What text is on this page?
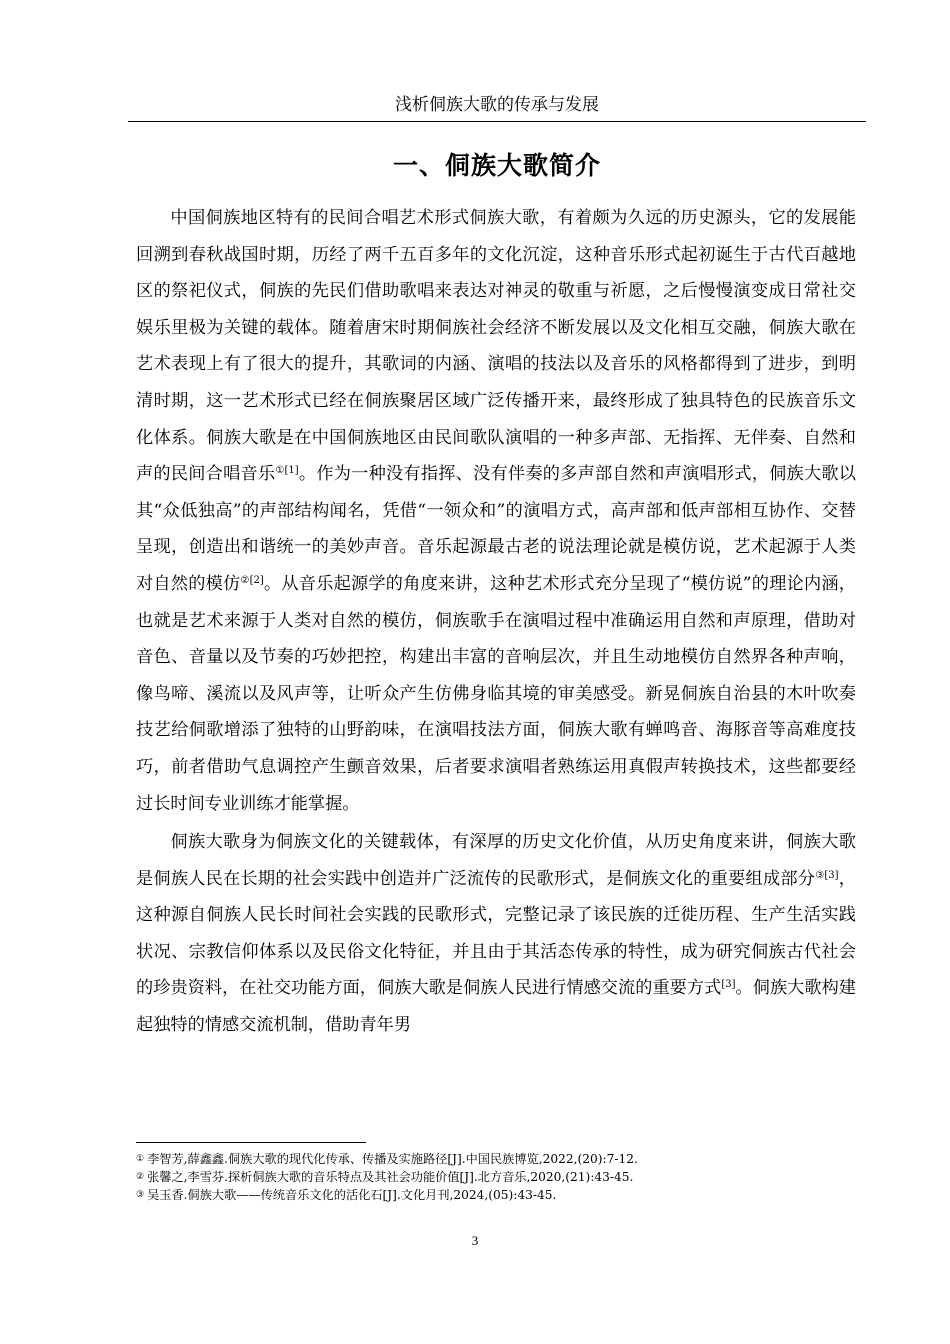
浅析侗族大歌的传承与发展
一、侗族大歌简介

中国侗族地区特有的民间合唱艺术形式侗族大歌，有着颇为久远的历史源头，它的发展能回溯到春秋战国时期，历经了两千五百多年的文化沉淀，这种音乐形式起初诞生于古代百越地区的祭祀仪式，侗族的先民们借助歌唱来表达对神灵的敬重与祈愿，之后慢慢演变成日常社交娱乐里极为关键的载体。随着唐宋时期侗族社会经济不断发展以及文化相互交融，侗族大歌在艺术表现上有了很大的提升，其歌词的内涵、演唱的技法以及音乐的风格都得到了进步，到明清时期，这一艺术形式已经在侗族聚居区域广泛传播开来，最终形成了独具特色的民族音乐文化体系。侗族大歌是在中国侗族地区由民间歌队演唱的一种多声部、无指挥、无伴奏、自然和声的民间合唱音乐$^{①[1]}$。作为一种没有指挥、没有伴奏的多声部自然和声演唱形式，侗族大歌以其“众低独高”的声部结构闻名，凭借“一领众和”的演唱方式，高声部和低声部相互协作、交替呈现，创造出和谐统一的美妙声音。音乐起源最古老的说法理论就是模仿说，艺术起源于人类对自然的模仿$^{②[2]}$。从音乐起源学的角度来讲，这种艺术形式充分呈现了“模仿说”的理论内涵，也就是艺术来源于人类对自然的模仿，侗族歌手在演唱过程中准确运用自然和声原理，借助对音色、音量以及节奏的巧妙把控，构建出丰富的音响层次，并且生动地模仿自然界各种声响，像鸟啼、溪流以及风声等，让听众产生仿佛身临其境的审美感受。新晃侗族自治县的木叶吹奏技艺给侗歌增添了独特的山野韵味，在演唱技法方面，侗族大歌有蝉鸣音、海豚音等高难度技巧，前者借助气息调控产生颤音效果，后者要求演唱者熟练运用真假声转换技术，这些都要经过长时间专业训练才能掌握。

侗族大歌身为侗族文化的关键载体，有深厚的历史文化价值，从历史角度来讲，侗族大歌是侗族人民在长期的社会实践中创造并广泛流传的民歌形式，是侗族文化的重要组成部分$^{③[3]}$，这种源自侗族人民长时间社会实践的民歌形式，完整记录了该民族的迁徙历程、生产生活实践状况、宗教信仰体系以及民俗文化特征，并且由于其活态传承的特性，成为研究侗族古代社会的珍贵资料，在社交功能方面，侗族大歌是侗族人民进行情感交流的重要方式[3]。侗族大歌构建起独特的情感交流机制，借助青年男

① 李智芳,薛鑫鑫.侗族大歌的现代化传承、传播及实施路径[J].中国民族博览,2022,(20):7-12.
② 张馨之,李雪芬.探析侗族大歌的音乐特点及其社会功能价值[J].北方音乐,2020,(21):43-45.
③ 吴玉香.侗族大歌——传统音乐文化的活化石[J].文化月刊,2024,(05):43-45.
3
